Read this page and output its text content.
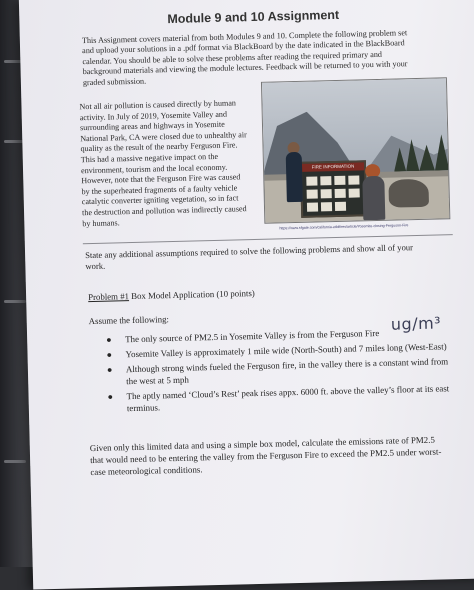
Module 9 and 10 Assignment
This Assignment covers material from both Modules 9 and 10. Complete the following problem set and upload your solutions in a .pdf format via BlackBoard by the date indicated in the BlackBoard calendar. You should be able to solve these problems after reading the required primary and background materials and viewing the module lectures. Feedback will be returned to you with your graded submission.
Not all air pollution is caused directly by human activity. In July of 2019, Yosemite Valley and surrounding areas and highways in Yosemite National Park, CA were closed due to unhealthy air quality as the result of the nearby Ferguson Fire. This had a massive negative impact on the environment, tourism and the local economy. However, note that the Ferguson Fire was caused by the superheated fragments of a faulty vehicle catalytic converter igniting vegetation, so in fact the destruction and pollution was indirectly caused by humans.
FIRE INFORMATION
https://www.sfgate.com/california-wildfires/article/Yosemite-closing-Ferguson-Fire
State any additional assumptions required to solve the following problems and show all of your work.
Problem #1 Box Model Application (10 points)
Assume the following:	ug/m³
● The only source of PM2.5 in Yosemite Valley is from the Ferguson Fire
● Yosemite Valley is approximately 1 mile wide (North-South) and 7 miles long (West-East)
● Although strong winds fueled the Ferguson fire, in the valley there is a constant wind from the west at 5 mph
● The aptly named ‘Cloud’s Rest’ peak rises appx. 6000 ft. above the valley’s floor at its east terminus.
Given only this limited data and using a simple box model, calculate the emissions rate of PM2.5 that would need to be entering the valley from the Ferguson Fire to exceed the PM2.5 under worst-case meteorological conditions.
